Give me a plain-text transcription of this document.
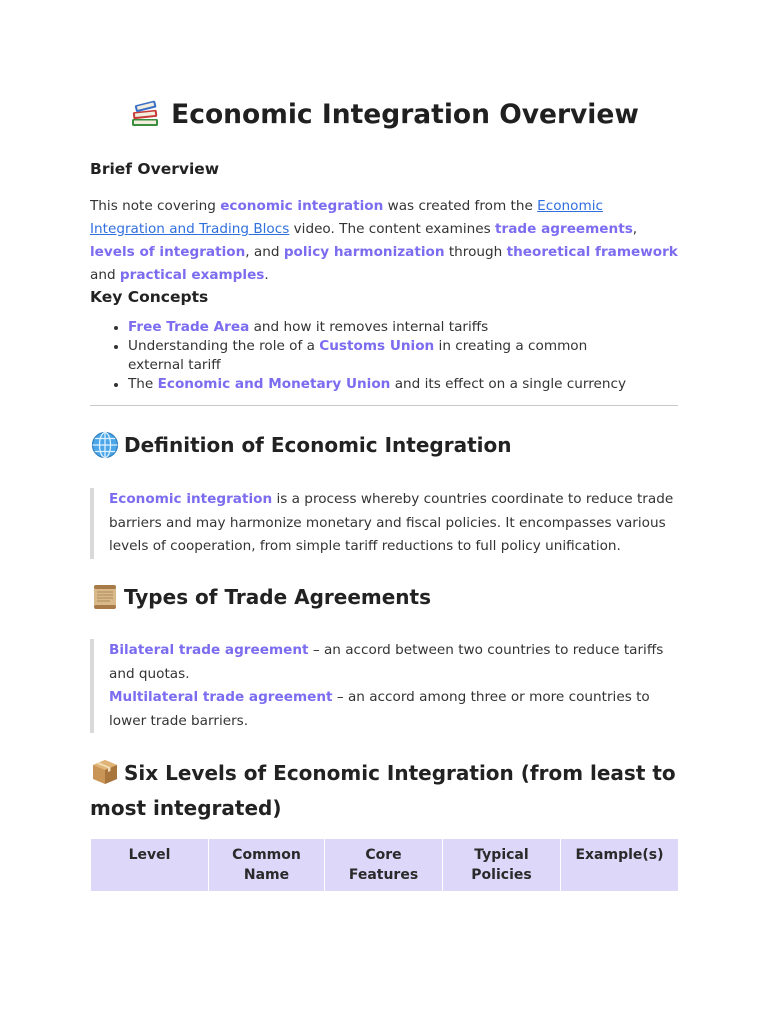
Economic Integration Overview
Brief Overview

This note covering economic integration was created from the Economic Integration and Trading Blocs video. The content examines trade agreements, levels of integration, and policy harmonization through theoretical framework and practical examples.

Key Concepts
Free Trade Area and how it removes internal tariffs
Understanding the role of a Customs Union in creating a common external tariff
The Economic and Monetary Union and its effect on a single currency
Definition of Economic Integration

Economic integration is a process whereby countries coordinate to reduce trade barriers and may harmonize monetary and fiscal policies. It encompasses various levels of cooperation, from simple tariff reductions to full policy unification.

Types of Trade Agreements

Bilateral trade agreement – an accord between two countries to reduce tariffs and quotas.

Multilateral trade agreement – an accord among three or more countries to lower trade barriers.

Six Levels of Economic Integration (from least to most integrated)
Level	Common Name	Core Features	Typical Policies	Example(s)
